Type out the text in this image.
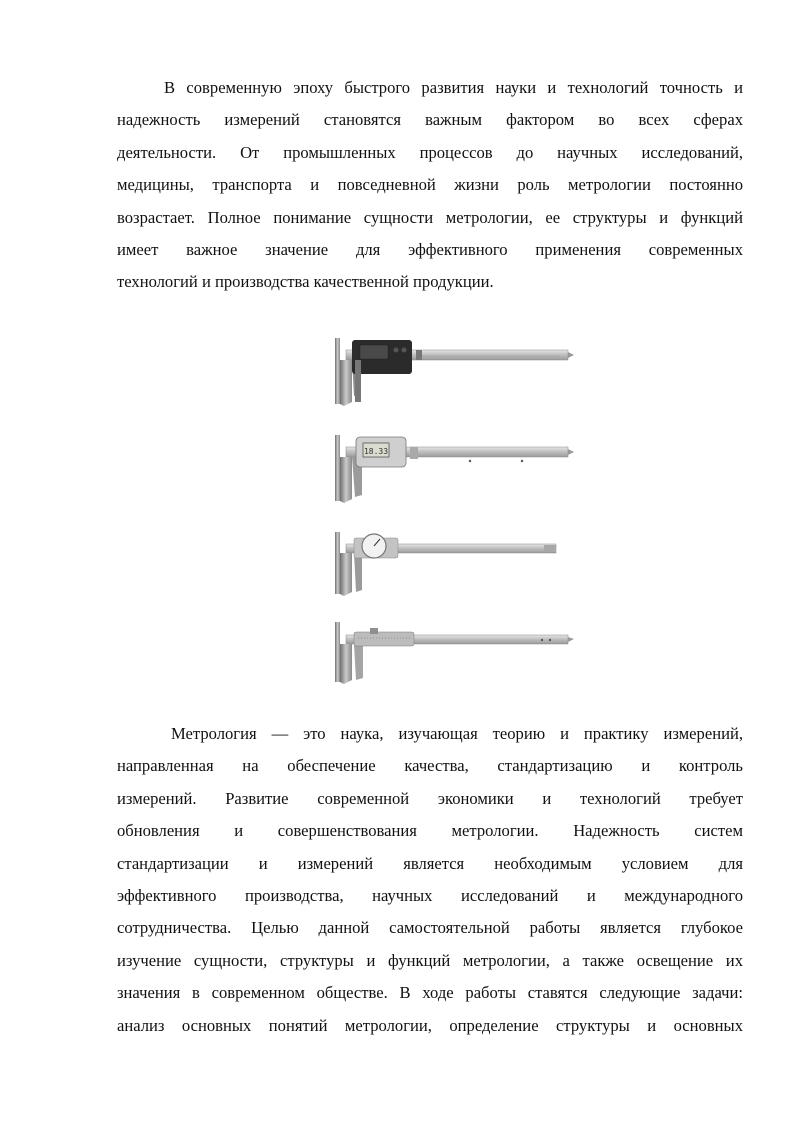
В современную эпоху быстрого развития науки и технологий точность и
надежность измерений становятся важным фактором во всех сферах
деятельности. От промышленных процессов до научных исследований,
медицины, транспорта и повседневной жизни роль метрологии постоянно
возрастает. Полное понимание сущности метрологии, ее структуры и функций
имеет важное значение для эффективного применения современных
технологий и производства качественной продукции.
18.33
Метрология — это наука, изучающая теорию и практику измерений,
направленная на обеспечение качества, стандартизацию и контроль
измерений. Развитие современной экономики и технологий требует
обновления и совершенствования метрологии. Надежность систем
стандартизации и измерений является необходимым условием для
эффективного производства, научных исследований и международного
сотрудничества. Целью данной самостоятельной работы является глубокое
изучение сущности, структуры и функций метрологии, а также освещение их
значения в современном обществе. В ходе работы ставятся следующие задачи:
анализ основных понятий метрологии, определение структуры и основных
